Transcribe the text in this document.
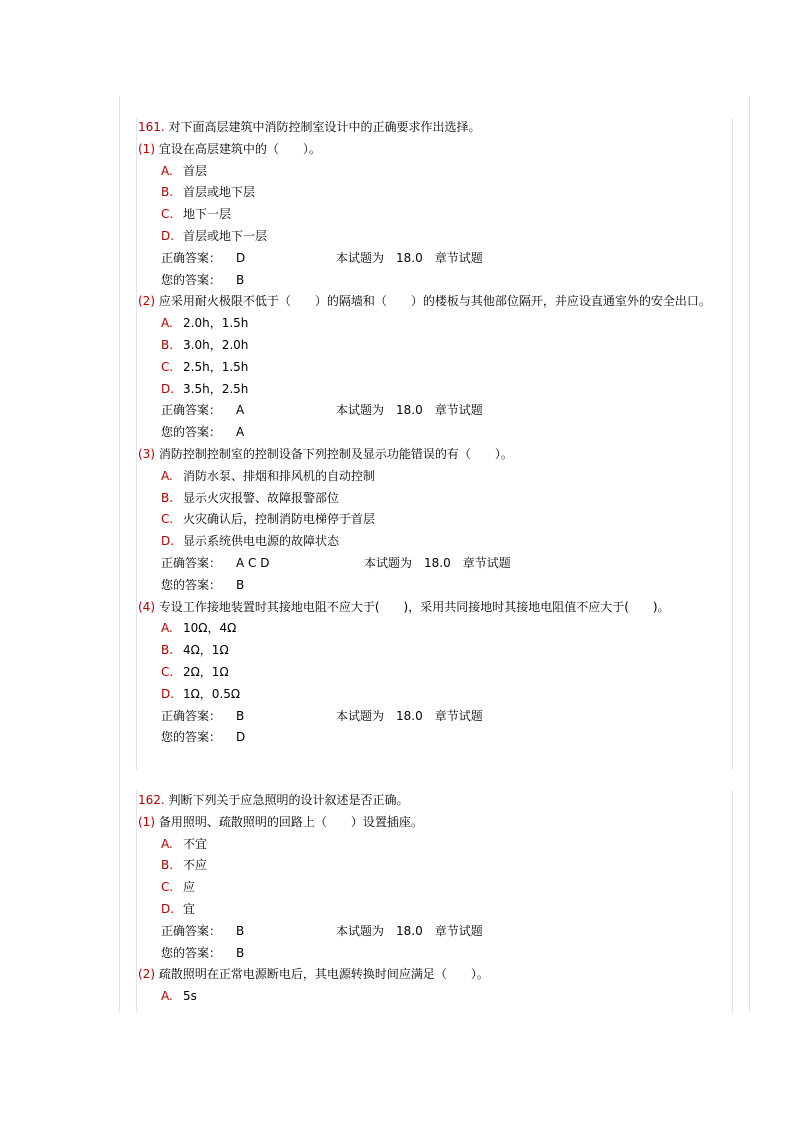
161. 对下面高层建筑中消防控制室设计中的正确要求作出选择。
(1) 宜设在高层建筑中的（　　）。
A. 首层
B. 首层或地下层
C. 地下一层
D. 首层或地下一层
正确答案： D	本试题为　18.0　章节试题
您的答案： B
(2) 应采用耐火极限不低于（　　）的隔墙和（　　）的楼板与其他部位隔开，并应设直通室外的安全出口。
A. 2.0h，1.5h
B. 3.0h，2.0h
C. 2.5h，1.5h
D. 3.5h，2.5h
正确答案： A	本试题为　18.0　章节试题
您的答案： A
(3) 消防控制控制室的控制设备下列控制及显示功能错误的有（　　）。
A. 消防水泵、排烟和排风机的自动控制
B. 显示火灾报警、故障报警部位
C. 火灾确认后，控制消防电梯停于首层
D. 显示系统供电电源的故障状态
正确答案： A C D	本试题为　18.0　章节试题
您的答案： B
(4) 专设工作接地装置时其接地电阻不应大于(　　)，采用共同接地时其接地电阻值不应大于(　　)。
A. 10Ω，4Ω
B. 4Ω，1Ω
C. 2Ω，1Ω
D. 1Ω，0.5Ω
正确答案： B	本试题为　18.0　章节试题
您的答案： D
162. 判断下列关于应急照明的设计叙述是否正确。
(1) 备用照明、疏散照明的回路上（　　）设置插座。
A. 不宜
B. 不应
C. 应
D. 宜
正确答案： B	本试题为　18.0　章节试题
您的答案： B
(2) 疏散照明在正常电源断电后，其电源转换时间应满足（　　）。
A. 5s
